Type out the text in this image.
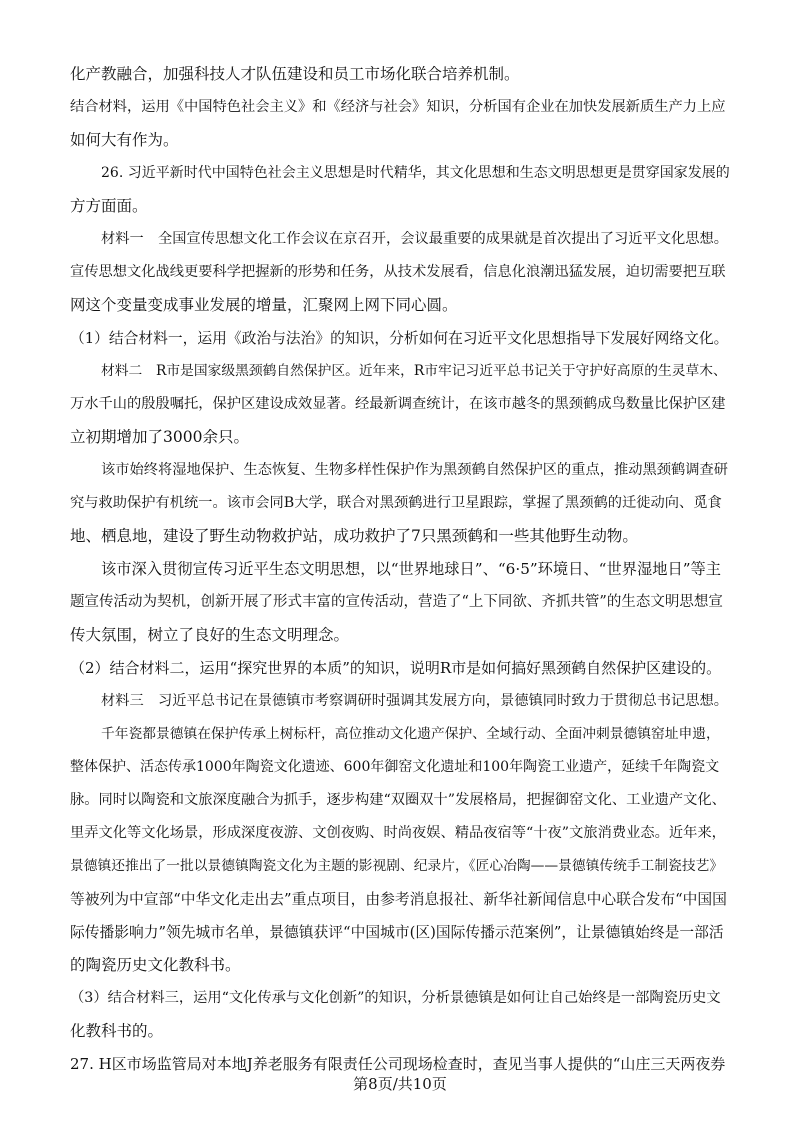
化产教融合，加强科技人才队伍建设和员工市场化联合培养机制。
结合材料，运用《中国特色社会主义》和《经济与社会》知识，分析国有企业在加快发展新质生产力上应
如何大有作为。
26. 习近平新时代中国特色社会主义思想是时代精华，其文化思想和生态文明思想更是贯穿国家发展的
方方面面。
材料一　全国宣传思想文化工作会议在京召开，会议最重要的成果就是首次提出了习近平文化思想。
宣传思想文化战线更要科学把握新的形势和任务，从技术发展看，信息化浪潮迅猛发展，迫切需要把互联
网这个变量变成事业发展的增量，汇聚网上网下同心圆。
（1）结合材料一，运用《政治与法治》的知识，分析如何在习近平文化思想指导下发展好网络文化。
材料二　R市是国家级黑颈鹤自然保护区。近年来，R市牢记习近平总书记关于守护好高原的生灵草木、
万水千山的殷殷嘱托，保护区建设成效显著。经最新调查统计，在该市越冬的黑颈鹤成鸟数量比保护区建
立初期增加了3000余只。
该市始终将湿地保护、生态恢复、生物多样性保护作为黑颈鹤自然保护区的重点，推动黑颈鹤调查研
究与救助保护有机统一。该市会同B大学，联合对黑颈鹤进行卫星跟踪，掌握了黑颈鹤的迁徙动向、觅食
地、栖息地，建设了野生动物救护站，成功救护了7只黑颈鹤和一些其他野生动物。
该市深入贯彻宣传习近平生态文明思想，以“世界地球日”、“6·5”环境日、“世界湿地日”等主
题宣传活动为契机，创新开展了形式丰富的宣传活动，营造了“上下同欲、齐抓共管”的生态文明思想宣
传大氛围，树立了良好的生态文明理念。
（2）结合材料二，运用“探究世界的本质”的知识，说明R市是如何搞好黑颈鹤自然保护区建设的。
材料三　习近平总书记在景德镇市考察调研时强调其发展方向，景德镇同时致力于贯彻总书记思想。
千年瓷都景德镇在保护传承上树标杆，高位推动文化遗产保护、全域行动、全面冲刺景德镇窑址申遗，
整体保护、活态传承1000年陶瓷文化遗迹、600年御窑文化遗址和100年陶瓷工业遗产，延续千年陶瓷文
脉。同时以陶瓷和文旅深度融合为抓手，逐步构建“双圈双十”发展格局，把握御窑文化、工业遗产文化、
里弄文化等文化场景，形成深度夜游、文创夜购、时尚夜娱、精品夜宿等“十夜”文旅消费业态。近年来，
景德镇还推出了一批以景德镇陶瓷文化为主题的影视剧、纪录片，《匠心冶陶——景德镇传统手工制瓷技艺》
等被列为中宣部“中华文化走出去”重点项目，由参考消息报社、新华社新闻信息中心联合发布“中国国
际传播影响力”领先城市名单，景德镇获评“中国城市(区)国际传播示范案例”，让景德镇始终是一部活
的陶瓷历史文化教科书。
（3）结合材料三，运用“文化传承与文化创新”的知识，分析景德镇是如何让自己始终是一部陶瓷历史文
化教科书的。
27. H区市场监管局对本地J养老服务有限责任公司现场检查时，查见当事人提供的“山庄三天两夜券
第8页/共10页
